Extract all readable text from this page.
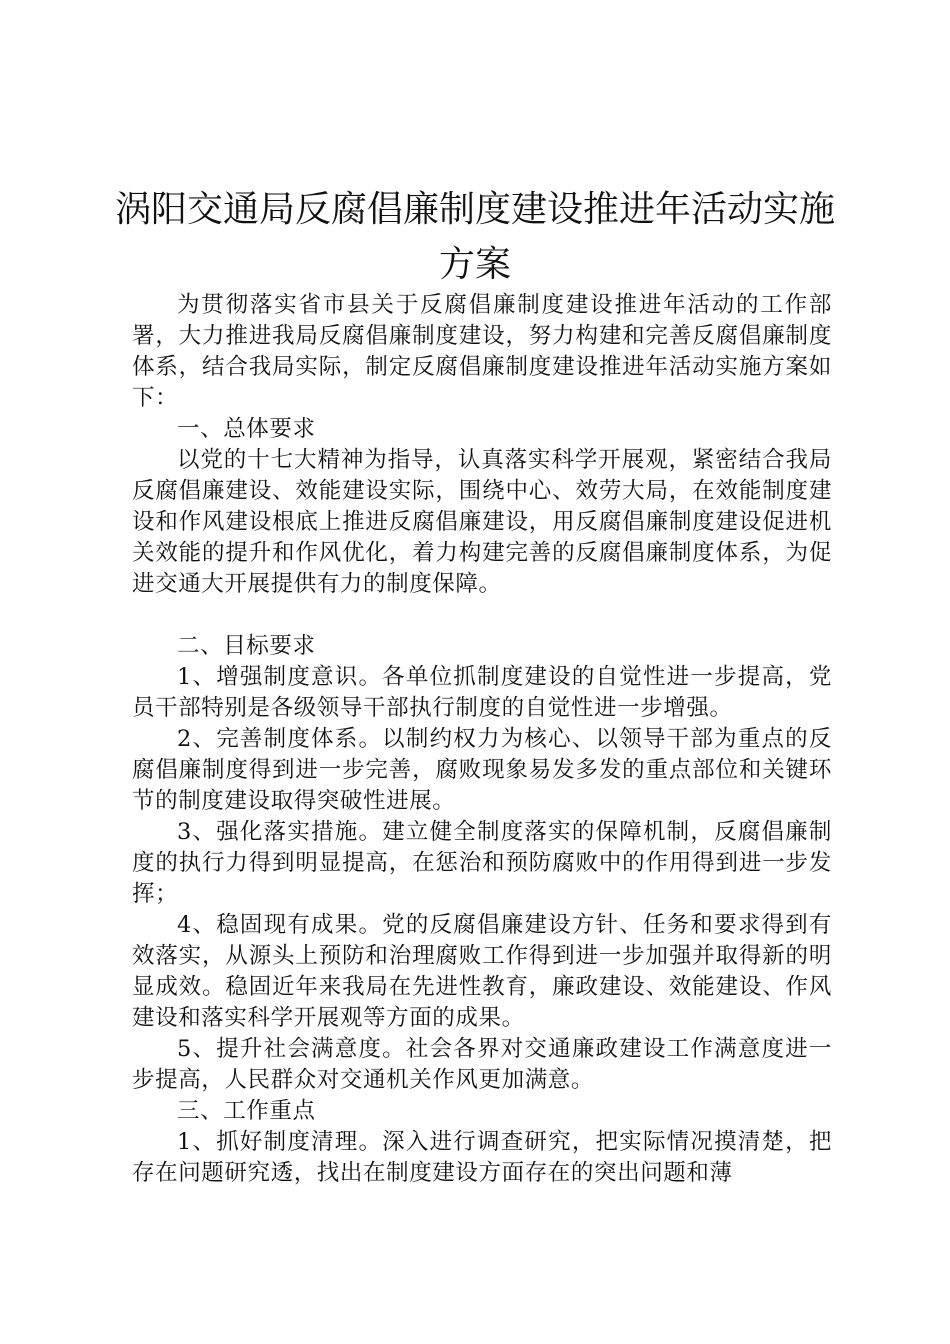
涡阳交通局反腐倡廉制度建设推进年活动实施
方案

为贯彻落实省市县关于反腐倡廉制度建设推进年活动的工作部署，大力推进我局反腐倡廉制度建设，努力构建和完善反腐倡廉制度体系，结合我局实际，制定反腐倡廉制度建设推进年活动实施方案如下：

一、总体要求

以党的十七大精神为指导，认真落实科学开展观，紧密结合我局反腐倡廉建设、效能建设实际，围绕中心、效劳大局，在效能制度建设和作风建设根底上推进反腐倡廉建设，用反腐倡廉制度建设促进机关效能的提升和作风优化，着力构建完善的反腐倡廉制度体系，为促进交通大开展提供有力的制度保障。

二、目标要求

1、增强制度意识。各单位抓制度建设的自觉性进一步提高，党员干部特别是各级领导干部执行制度的自觉性进一步增强。

2、完善制度体系。以制约权力为核心、以领导干部为重点的反腐倡廉制度得到进一步完善，腐败现象易发多发的重点部位和关键环节的制度建设取得突破性进展。

3、强化落实措施。建立健全制度落实的保障机制，反腐倡廉制度的执行力得到明显提高，在惩治和预防腐败中的作用得到进一步发挥；

4、稳固现有成果。党的反腐倡廉建设方针、任务和要求得到有效落实，从源头上预防和治理腐败工作得到进一步加强并取得新的明显成效。稳固近年来我局在先进性教育，廉政建设、效能建设、作风建设和落实科学开展观等方面的成果。

5、提升社会满意度。社会各界对交通廉政建设工作满意度进一步提高，人民群众对交通机关作风更加满意。

三、工作重点

1、抓好制度清理。深入进行调查研究，把实际情况摸清楚，把存在问题研究透，找出在制度建设方面存在的突出问题和薄
